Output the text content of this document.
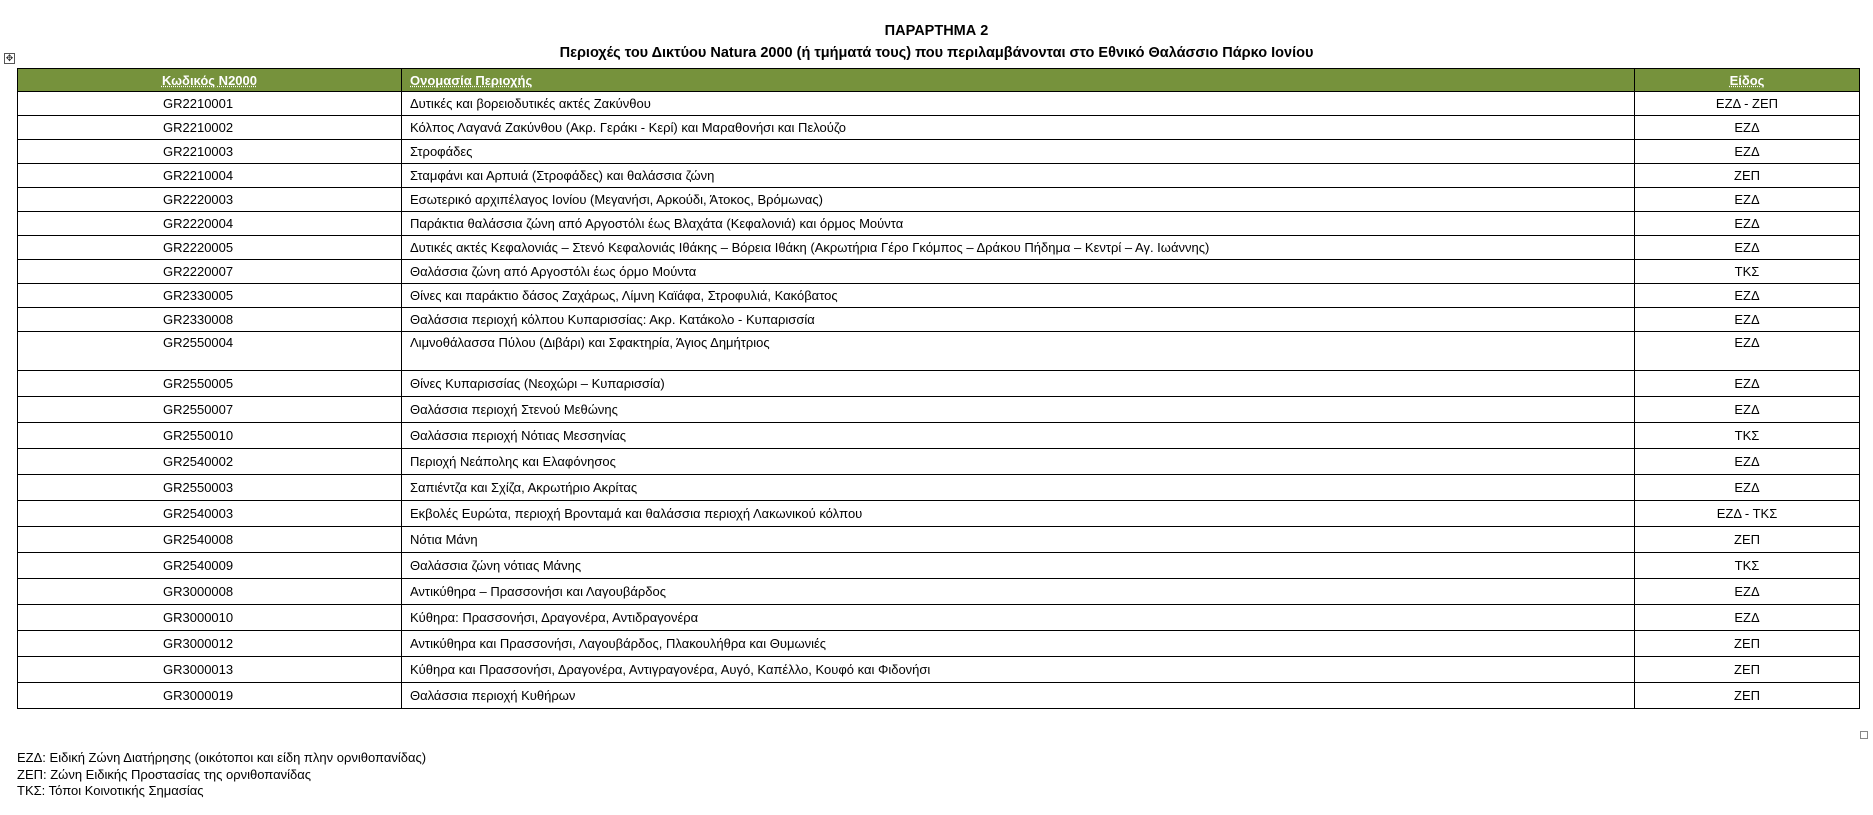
ΠΑΡΑΡΤΗΜΑ 2
Περιοχές του Δικτύου Natura 2000 (ή τμήματά τους) που περιλαμβάνονται στο Εθνικό Θαλάσσιο Πάρκο Ιονίου
✥
Κωδικός Ν2000	Ονομασία Περιοχής	Είδος
GR2210001	Δυτικές και βορειοδυτικές ακτές Ζακύνθου	ΕΖΔ - ΖΕΠ
GR2210002	Κόλπος Λαγανά Ζακύνθου (Ακρ. Γεράκι - Κερί) και Μαραθονήσι και Πελούζο	ΕΖΔ
GR2210003	Στροφάδες	ΕΖΔ
GR2210004	Σταμφάνι και Αρπυιά (Στροφάδες) και θαλάσσια ζώνη	ΖΕΠ
GR2220003	Εσωτερικό αρχιπέλαγος Ιονίου (Μεγανήσι, Αρκούδι, Άτοκος, Βρόμωνας)	ΕΖΔ
GR2220004	Παράκτια θαλάσσια ζώνη από Αργοστόλι έως Βλαχάτα (Κεφαλονιά) και όρμος Μούντα	ΕΖΔ
GR2220005	Δυτικές ακτές Κεφαλονιάς – Στενό Κεφαλονιάς Ιθάκης – Βόρεια Ιθάκη (Ακρωτήρια Γέρο Γκόμπος – Δράκου Πήδημα – Κεντρί – Αγ. Ιωάννης)	ΕΖΔ
GR2220007	Θαλάσσια ζώνη από Αργοστόλι έως όρμο Μούντα	ΤΚΣ
GR2330005	Θίνες και παράκτιο δάσος Ζαχάρως, Λίμνη Καϊάφα, Στροφυλιά, Κακόβατος	ΕΖΔ
GR2330008	Θαλάσσια περιοχή κόλπου Κυπαρισσίας: Ακρ. Κατάκολο - Κυπαρισσία	ΕΖΔ
GR2550004	Λιμνοθάλασσα Πύλου (Διβάρι) και Σφακτηρία, Άγιος Δημήτριος	ΕΖΔ
GR2550005	Θίνες Κυπαρισσίας (Νεοχώρι – Κυπαρισσία)	ΕΖΔ
GR2550007	Θαλάσσια περιοχή Στενού Μεθώνης	ΕΖΔ
GR2550010	Θαλάσσια περιοχή Νότιας Μεσσηνίας	ΤΚΣ
GR2540002	Περιοχή Νεάπολης και Ελαφόνησος	ΕΖΔ
GR2550003	Σαπιέντζα και Σχίζα, Ακρωτήριο Ακρίτας	ΕΖΔ
GR2540003	Εκβολές Ευρώτα, περιοχή Βρονταμά και θαλάσσια περιοχή Λακωνικού κόλπου	ΕΖΔ - ΤΚΣ
GR2540008	Νότια Μάνη	ΖΕΠ
GR2540009	Θαλάσσια ζώνη νότιας Μάνης	ΤΚΣ
GR3000008	Αντικύθηρα – Πρασσονήσι και Λαγουβάρδος	ΕΖΔ
GR3000010	Κύθηρα: Πρασσονήσι, Δραγονέρα, Αντιδραγονέρα	ΕΖΔ
GR3000012	Αντικύθηρα και Πρασσονήσι, Λαγουβάρδος, Πλακουλήθρα και Θυμωνιές	ΖΕΠ
GR3000013	Κύθηρα και Πρασσονήσι, Δραγονέρα, Αντιγραγονέρα, Αυγό, Καπέλλο, Κουφό και Φιδονήσι	ΖΕΠ
GR3000019	Θαλάσσια περιοχή Κυθήρων	ΖΕΠ
ΕΖΔ: Ειδική Ζώνη Διατήρησης (οικότοποι και είδη πλην ορνιθοπανίδας)
ΖΕΠ: Ζώνη Ειδικής Προστασίας της ορνιθοπανίδας
ΤΚΣ: Τόποι Κοινοτικής Σημασίας
